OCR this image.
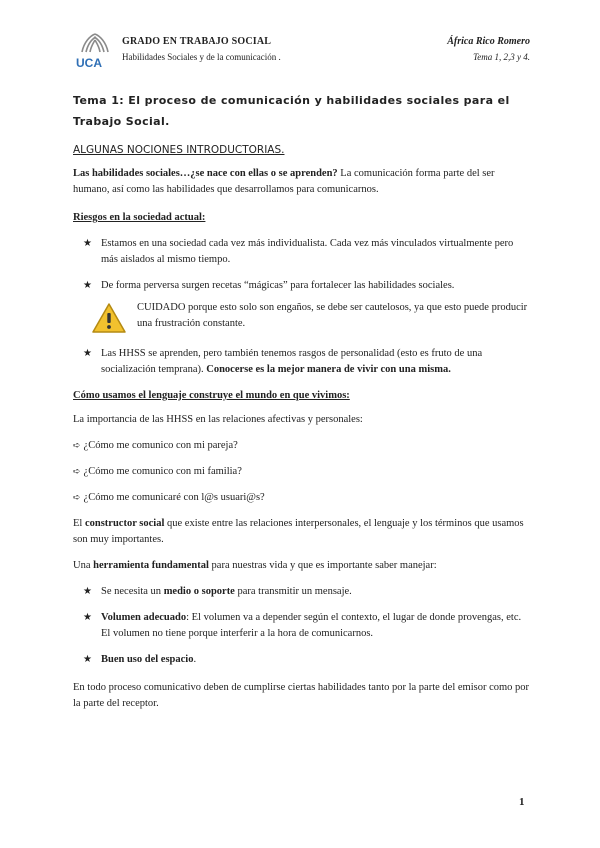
UCA
GRADO EN TRABAJO SOCIAL
Habilidades Sociales y de la comunicación .
África Rico Romero
Tema 1, 2,3 y 4.
Tema 1: El proceso de comunicación y habilidades sociales para el Trabajo Social.
ALGUNAS NOCIONES INTRODUCTORIAS.

Las habilidades sociales…¿se nace con ellas o se aprenden? La comunicación forma parte del ser humano, así como las habilidades que desarrollamos para comunicarnos.

Riesgos en la sociedad actual:

★ Estamos en una sociedad cada vez más individualista. Cada vez más vinculados virtualmente pero más aislados al mismo tiempo.
★ De forma perversa surgen recetas “mágicas” para fortalecer las habilidades sociales.

CUIDADO porque esto solo son engaños, se debe ser cautelosos, ya que esto puede producir una frustración constante.

★ Las HHSS se aprenden, pero también tenemos rasgos de personalidad (esto es fruto de una socialización temprana). Conocerse es la mejor manera de vivir con una misma.

Cómo usamos el lenguaje construye el mundo en que vivimos:

La importancia de las HHSS en las relaciones afectivas y personales:

➪ ¿Cómo me comunico con mi pareja?
➪ ¿Cómo me comunico con mi familia?
➪ ¿Cómo me comunicaré con l@s usuari@s?

El constructor social que existe entre las relaciones interpersonales, el lenguaje y los términos que usamos son muy importantes.

Una herramienta fundamental para nuestras vida y que es importante saber manejar:

★ Se necesita un medio o soporte para transmitir un mensaje.
★ Volumen adecuado: El volumen va a depender según el contexto, el lugar de donde provengas, etc. El volumen no tiene porque interferir a la hora de comunicarnos.
★ Buen uso del espacio.

En todo proceso comunicativo deben de cumplirse ciertas habilidades tanto por la parte del emisor como por la parte del receptor.

1
